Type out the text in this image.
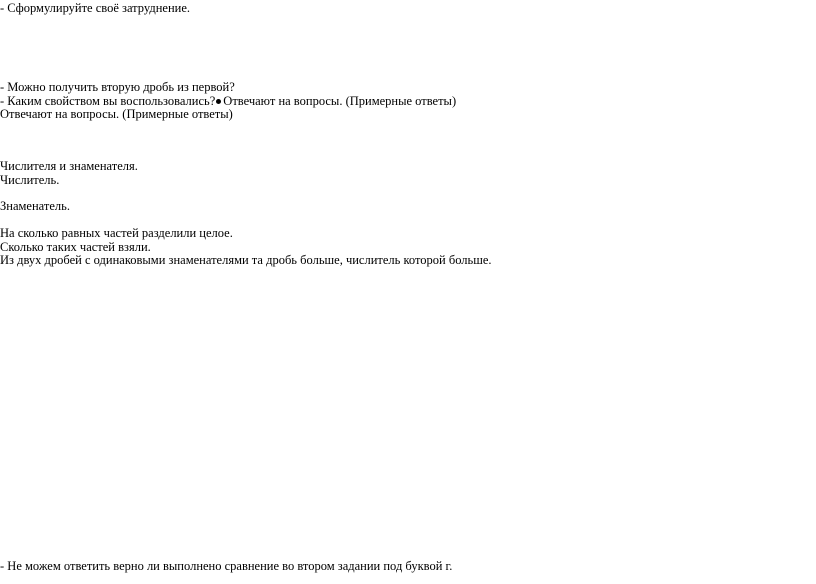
- Сформулируйте своё затруднение.
- Можно получить вторую дробь из первой?
- Каким свойством вы воспользовались? Отвечают на вопросы. (Примерные ответы)
Отвечают на вопросы. (Примерные ответы)
Числителя и знаменателя.
Числитель.
Знаменатель.
На сколько равных частей разделили целое.
Сколько таких частей взяли.
Из двух дробей с одинаковыми знаменателями та дробь больше, числитель которой больше.
- Не можем ответить верно ли выполнено сравнение во втором задании под буквой г.
